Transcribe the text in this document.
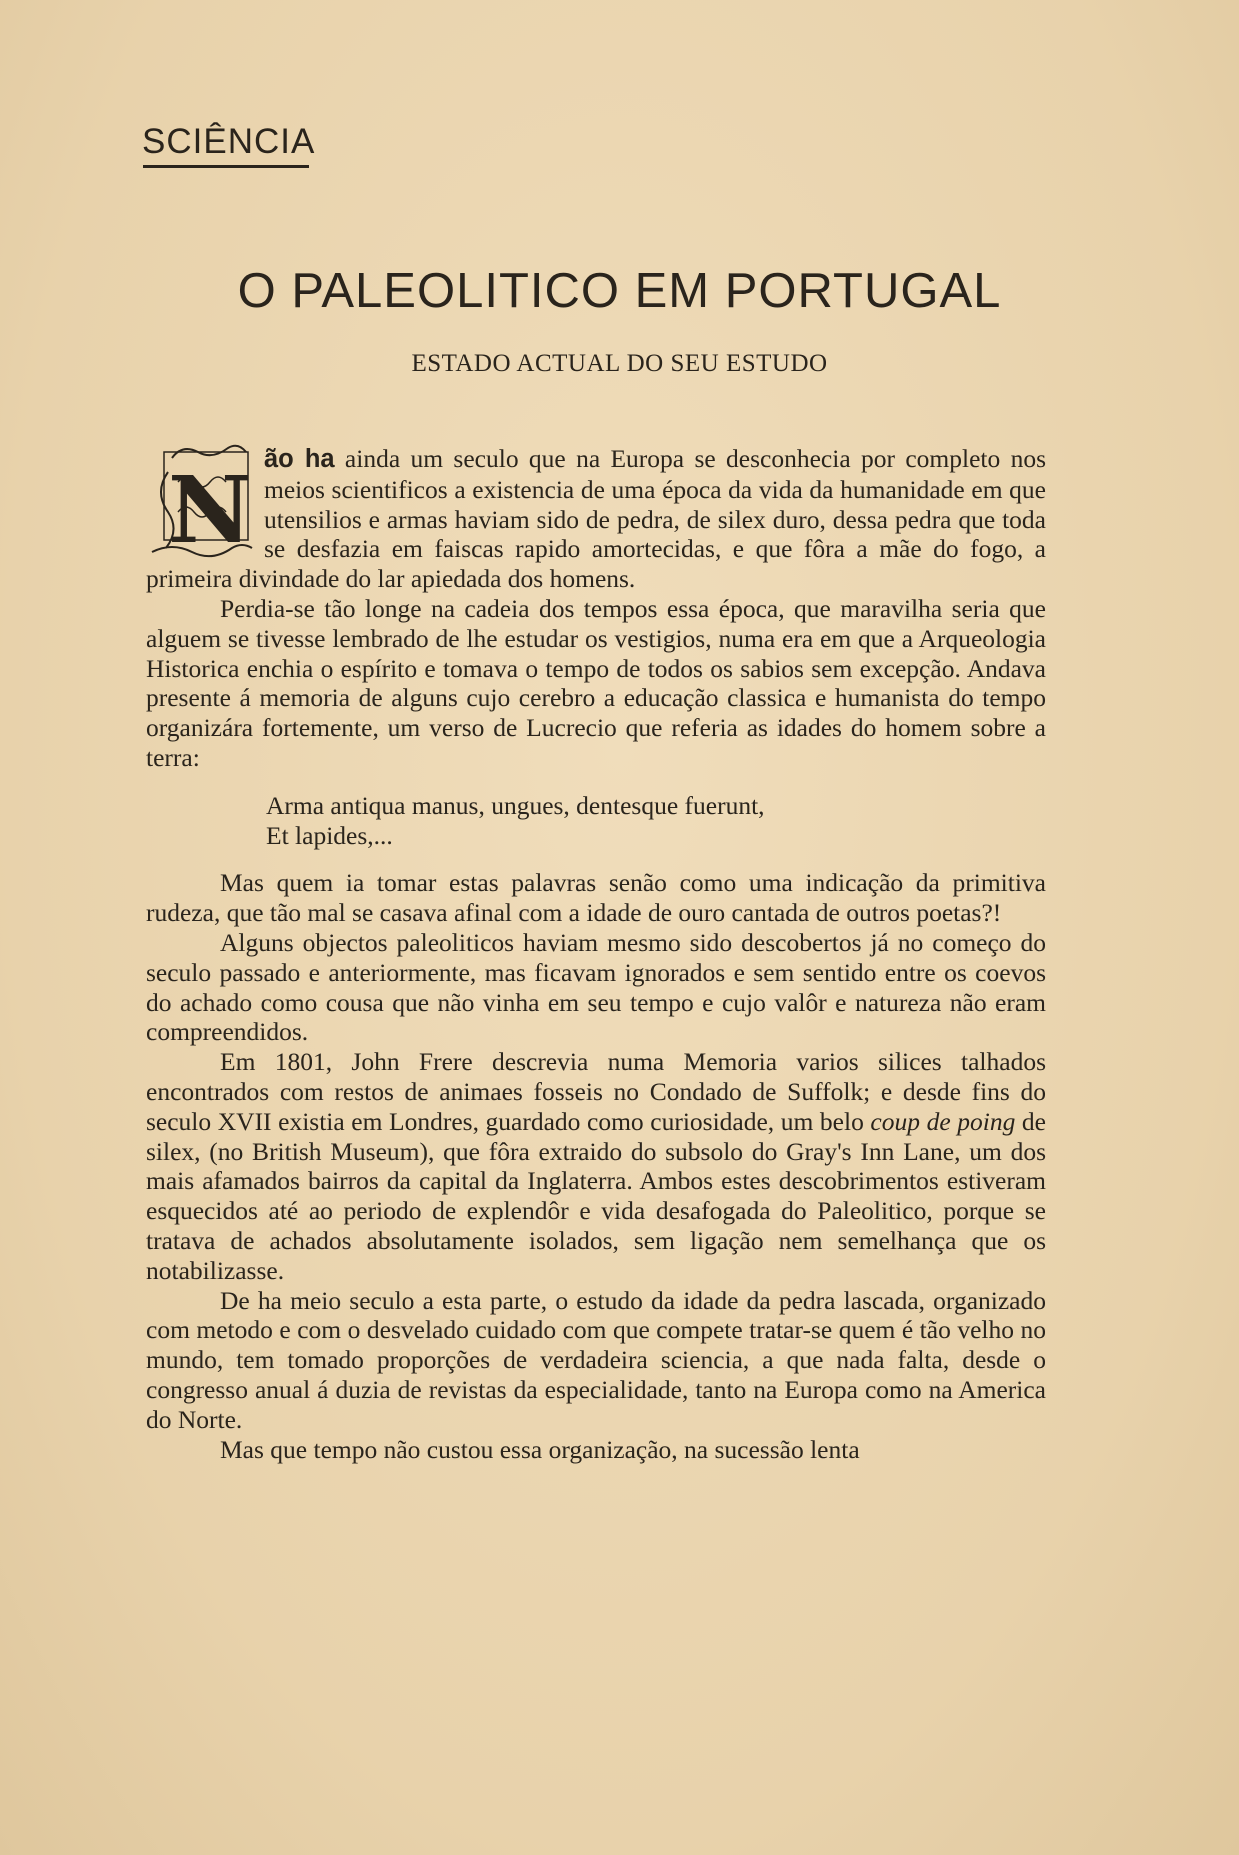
SCIÊNCIA
O PALEOLITICO EM PORTUGAL
ESTADO ACTUAL DO SEU ESTUDO

N ão ha ainda um seculo que na Europa se desconhecia por completo nos meios scientificos a existencia de uma época da vida da humanidade em que utensilios e armas haviam sido de pedra, de silex duro, dessa pedra que toda se desfazia em faiscas rapido amortecidas, e que fôra a mãe do fogo, a primeira divindade do lar apiedada dos homens.

Perdia-se tão longe na cadeia dos tempos essa época, que maravilha seria que alguem se tivesse lembrado de lhe estudar os vestigios, numa era em que a Arqueologia Historica enchia o espírito e tomava o tempo de todos os sabios sem excepção. Andava presente á memoria de alguns cujo cerebro a educação classica e humanista do tempo organizára fortemente, um verso de Lucrecio que referia as idades do homem sobre a terra:

Arma antiqua manus, ungues, dentesque fuerunt,
Et lapides,...

Mas quem ia tomar estas palavras senão como uma indicação da primitiva rudeza, que tão mal se casava afinal com a idade de ouro cantada de outros poetas?!

Alguns objectos paleoliticos haviam mesmo sido descobertos já no começo do seculo passado e anteriormente, mas ficavam ignorados e sem sentido entre os coevos do achado como cousa que não vinha em seu tempo e cujo valôr e natureza não eram compreendidos.

Em 1801, John Frere descrevia numa Memoria varios silices talhados encontrados com restos de animaes fosseis no Condado de Suffolk; e desde fins do seculo XVII existia em Londres, guardado como curiosidade, um belo coup de poing de silex, (no British Museum), que fôra extraido do subsolo do Gray's Inn Lane, um dos mais afamados bairros da capital da Inglaterra. Ambos estes descobrimentos estiveram esquecidos até ao periodo de explendôr e vida desafogada do Paleolitico, porque se tratava de achados absolutamente isolados, sem ligação nem semelhança que os notabilizasse.

De ha meio seculo a esta parte, o estudo da idade da pedra lascada, organizado com metodo e com o desvelado cuidado com que compete tratar-se quem é tão velho no mundo, tem tomado proporções de verdadeira sciencia, a que nada falta, desde o congresso anual á duzia de revistas da especialidade, tanto na Europa como na America do Norte.

Mas que tempo não custou essa organização, na sucessão lenta
